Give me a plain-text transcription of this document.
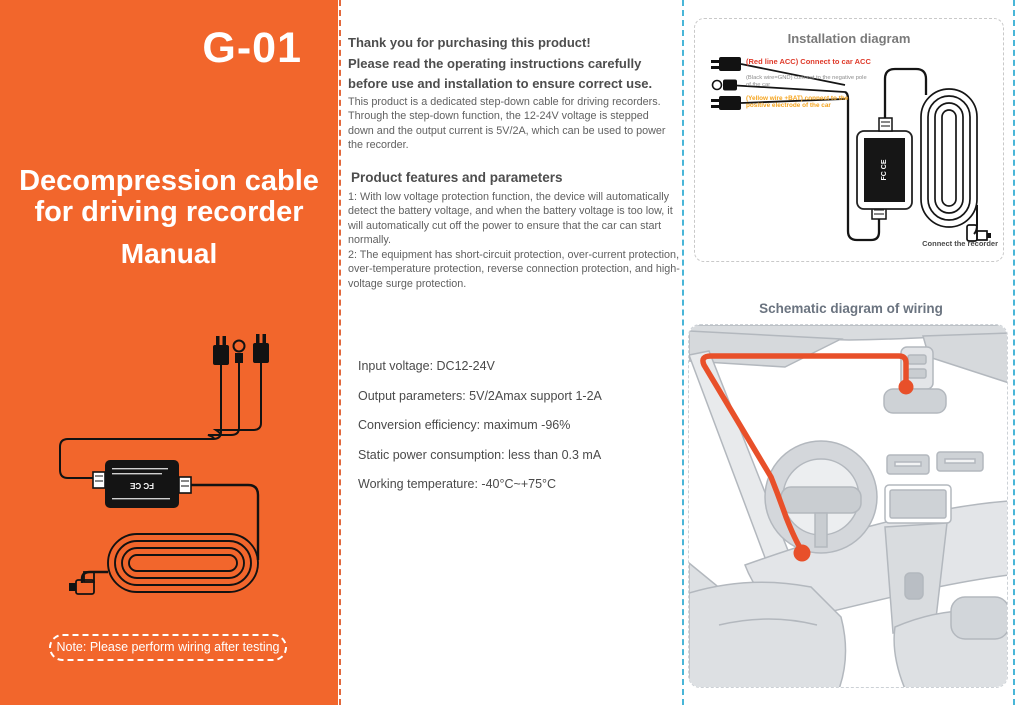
G-01
Decompression cable
for driving recorder
Manual
FC CE
Note: Please perform wiring after testing
Thank you for purchasing this product!
Please read the operating instructions carefully
before use and installation to ensure correct use.
This product is a dedicated step-down cable for driving recorders. Through the step-down function, the 12-24V voltage is stepped down and the output current is 5V/2A, which can be used to power the recorder.
Product features and parameters
1: With low voltage protection function, the device will automatically detect the battery voltage, and when the battery voltage is too low, it will automatically cut off the power to ensure that the car can start normally.
2: The equipment has short-circuit protection, over-current protection, over-temperature protection, reverse connection protection, and high-voltage surge protection.
Input voltage: DC12-24V
Output parameters: 5V/2Amax support 1-2A
Conversion efficiency: maximum -96%
Static power consumption: less than 0.3 mA
Working temperature: -40°C~+75°C
Installation diagram
FC CE
(Red line ACC) Connect to car ACC
(Black wire=GND) connect to the negative pole of the car
(Yellow wire +BAT) connect to the positive electrode of the car
Connect the recorder
Schematic diagram of wiring
